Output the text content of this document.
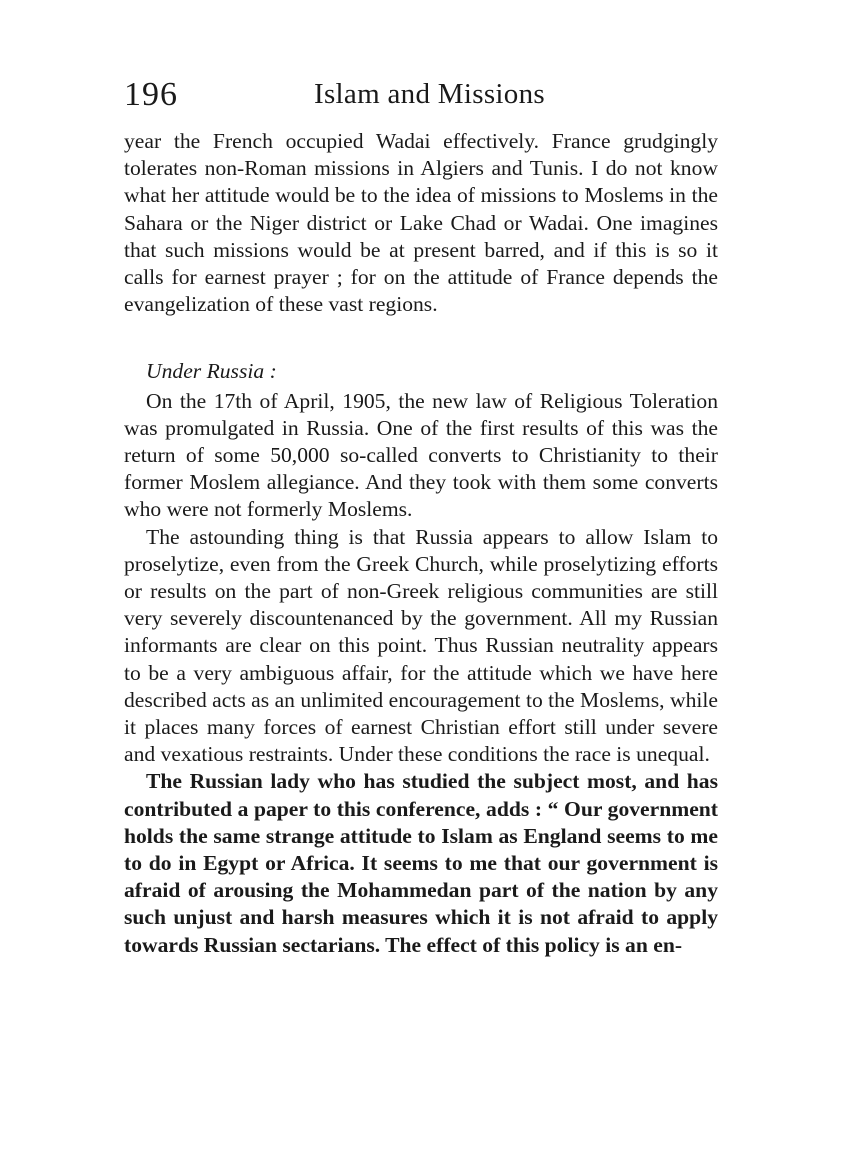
196	Islam and Missions

year the French occupied Wadai effectively. France grudgingly tolerates non-Roman missions in Algiers and Tunis. I do not know what her attitude would be to the idea of missions to Moslems in the Sahara or the Niger district or Lake Chad or Wadai. One imagines that such missions would be at present barred, and if this is so it calls for earnest prayer ; for on the attitude of France depends the evangelization of these vast regions.

Under Russia :

On the 17th of April, 1905, the new law of Religious Toleration was promulgated in Russia. One of the first results of this was the return of some 50,000 so-called converts to Christianity to their former Moslem allegiance. And they took with them some converts who were not formerly Moslems.

The astounding thing is that Russia appears to allow Islam to proselytize, even from the Greek Church, while proselytizing efforts or results on the part of non-Greek religious communities are still very severely discountenanced by the government. All my Russian informants are clear on this point. Thus Russian neutrality appears to be a very ambiguous affair, for the attitude which we have here described acts as an unlimited encouragement to the Moslems, while it places many forces of earnest Christian effort still under severe and vexatious restraints. Under these conditions the race is unequal.

The Russian lady who has studied the subject most, and has contributed a paper to this conference, adds : “ Our government holds the same strange attitude to Islam as England seems to me to do in Egypt or Africa. It seems to me that our government is afraid of arousing the Mohammedan part of the nation by any such unjust and harsh measures which it is not afraid to apply towards Russian sectarians. The effect of this policy is an en-
